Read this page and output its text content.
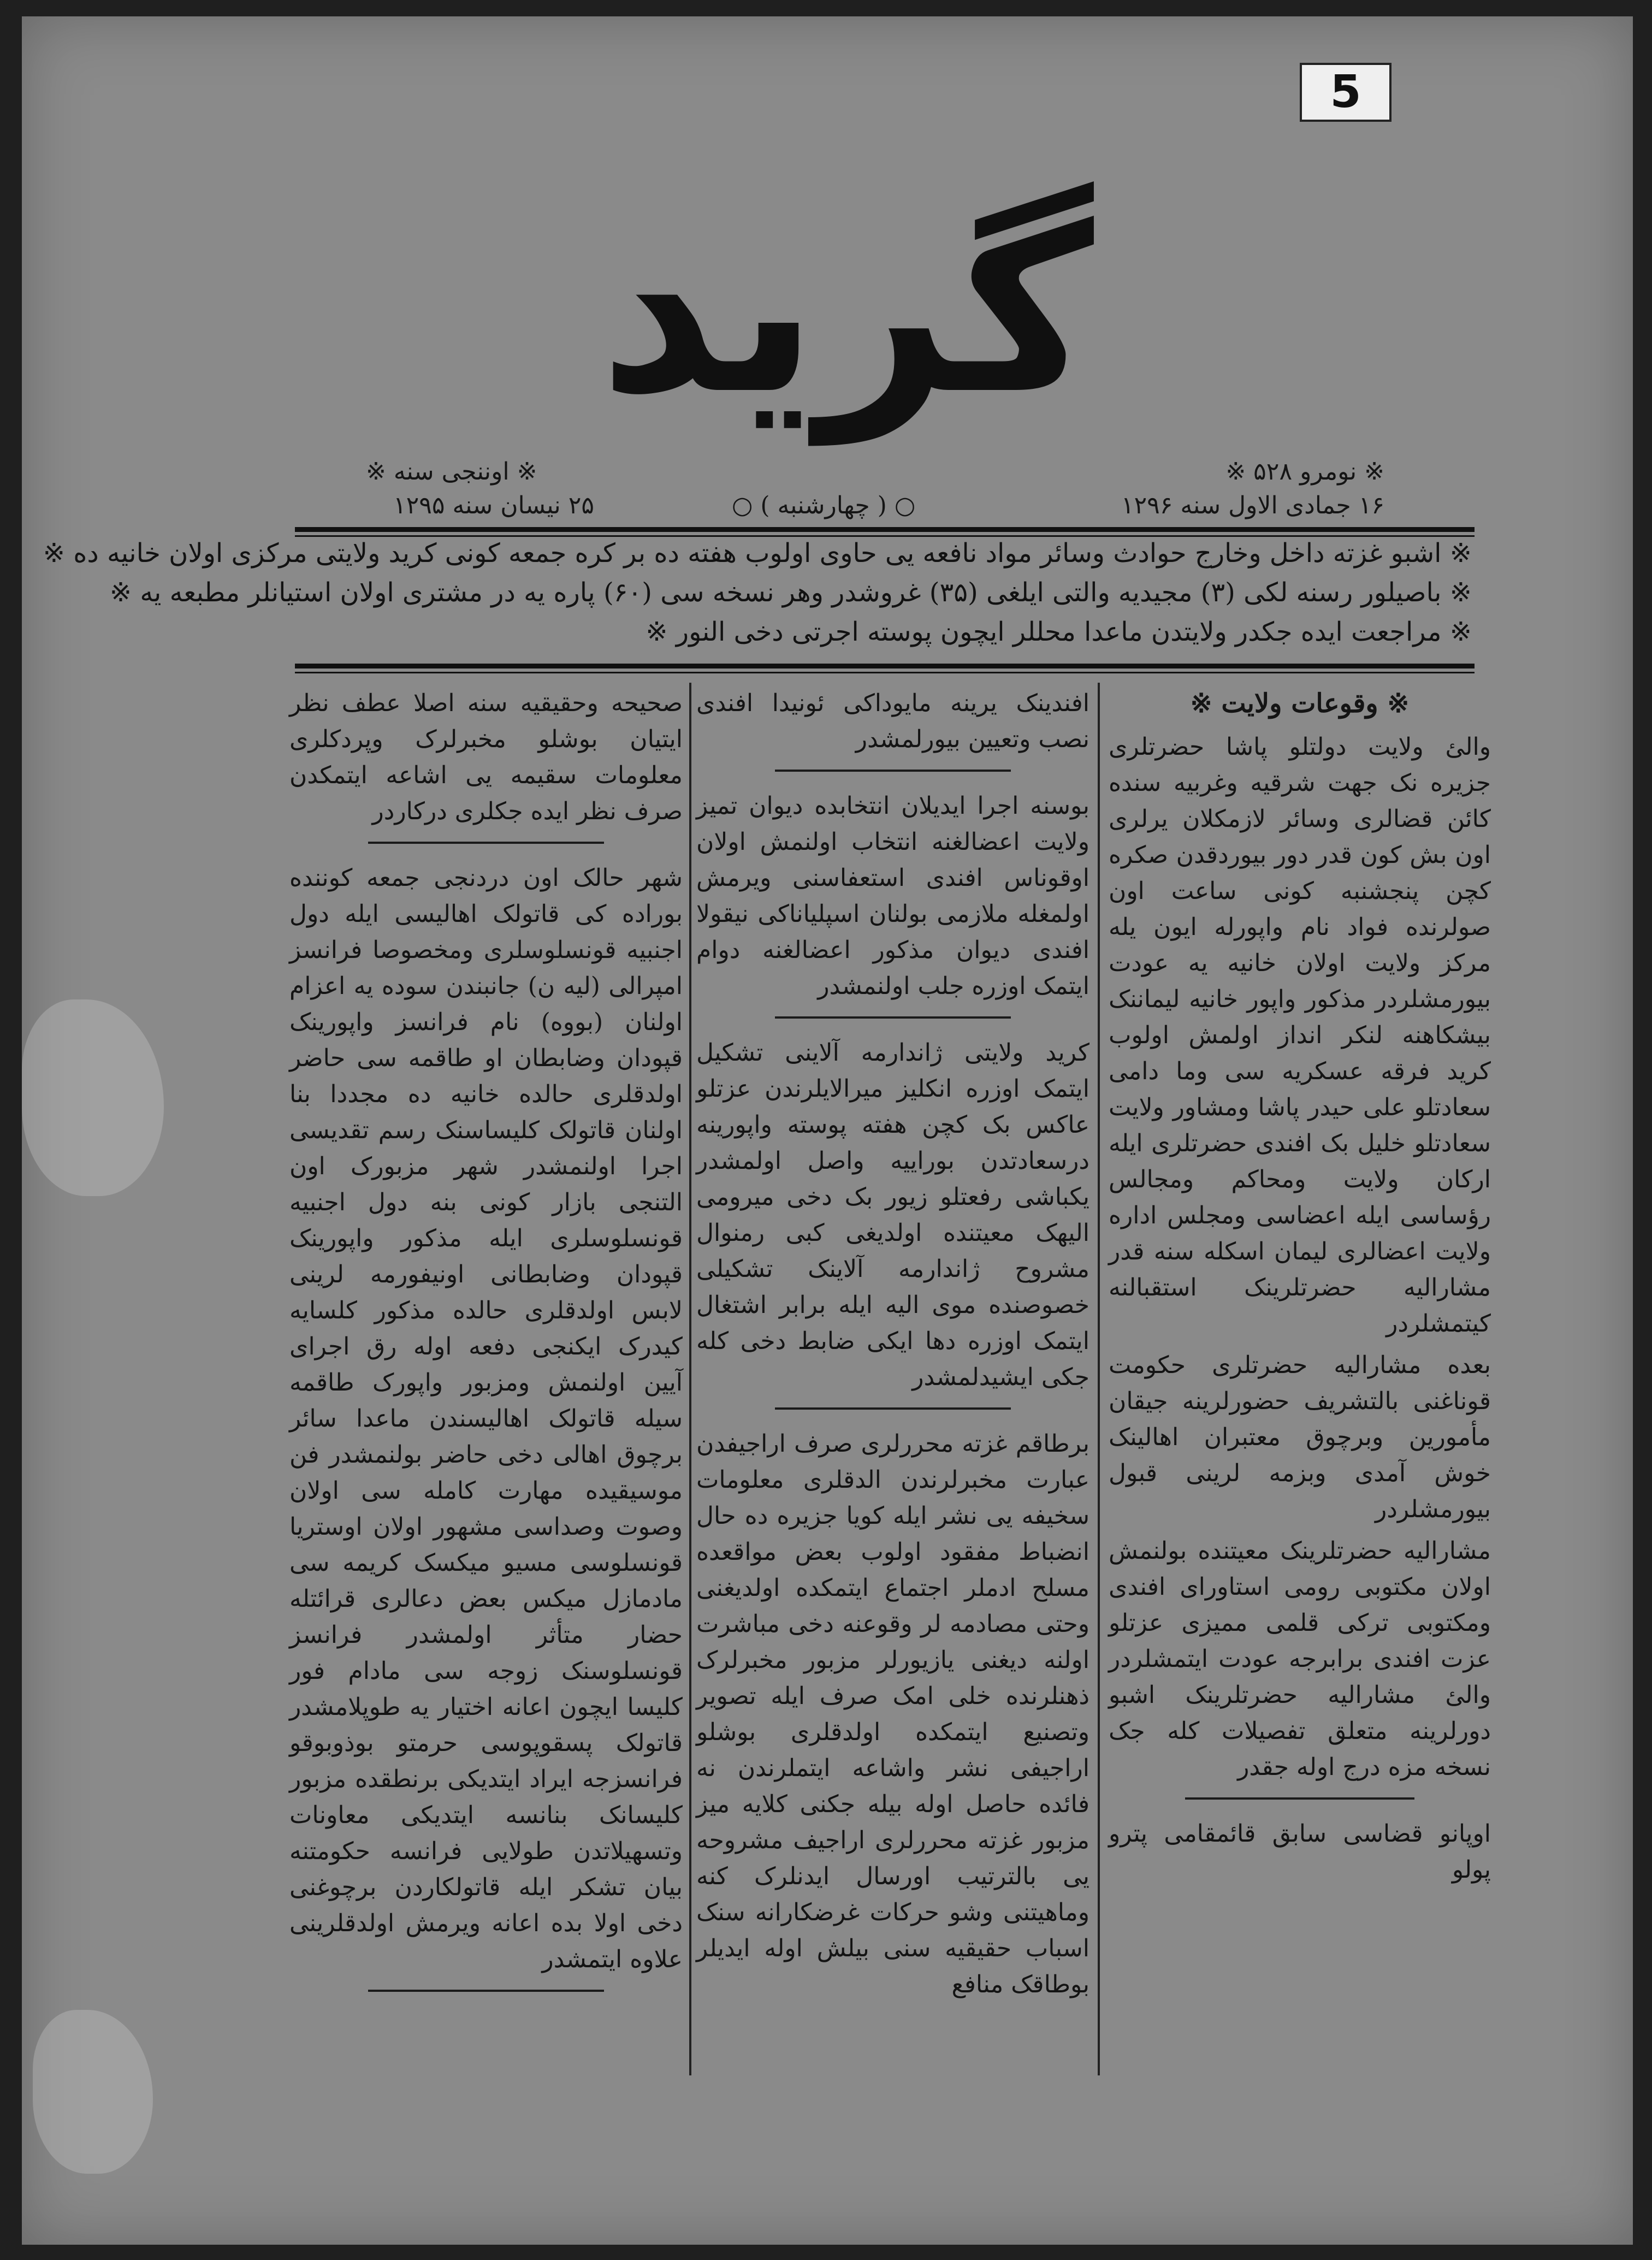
5
گريد
※ نومرو ۵۲۸ ※
※ اوننجی سنه ※
۱۶ جمادی الاول سنه ۱۲۹۶
○ ( چهارشنبه ) ○
۲۵ نیسان سنه ۱۲۹۵
※ اشبو غزته داخل وخارج حوادث وسائر مواد نافعه یی حاوی اولوب هفته ده بر کره جمعه کونی کرید ولایتی مرکزی اولان خانیه ده ※
※ باصیلور رسنه لکی (۳) مجیدیه والتی ایلغی (۳۵) غروشدر وهر نسخه سی (۶۰) پاره یه در مشتری اولان استیانلر مطبعه یه ※
※ مراجعت ایده جکدر ولایتدن ماعدا محللر ایچون پوسته اجرتی دخی النور ※
※ وقوعات ولایت ※

والئ ولایت دولتلو پاشا حضرتلری جزیره نک جهت شرقیه وغربیه سنده کائن قضالری وسائر لازمکلان یرلری اون بش کون قدر دور بیوردقدن صکره کچن پنجشنبه کونی ساعت اون صولرنده فواد نام واپورله ایون یله مرکز ولایت اولان خانیه یه عودت بیورمشلردر مذکور واپور خانیه لیماننک بیشکاهنه لنکر انداز اولمش اولوب کرید فرقه عسکریه سی وما دامی سعادتلو علی حیدر پاشا ومشاور ولایت سعادتلو خلیل بک افندی حضرتلری ایله ارکان ولایت ومحاکم ومجالس رؤساسی ایله اعضاسی ومجلس اداره ولایت اعضالری لیمان اسکله سنه قدر مشارالیه حضرتلرینک استقبالنه کیتمشلردر

بعده مشارالیه حضرتلری حکومت قوناغنی بالتشریف حضورلرینه جیقان مأمورین وبرچوق معتبران اهالینک خوش آمدی وبزمه لرینی قبول بیورمشلردر

مشارالیه حضرتلرینک معیتنده بولنمش اولان مکتوبی رومی استاورای افندی ومکتوبی ترکی قلمی ممیزی عزتلو عزت افندی برابرجه عودت ایتمشلردر والئ مشارالیه حضرتلرینک اشبو دورلرینه متعلق تفصیلات کله جک نسخه مزه درج اوله جقدر

اوپانو قضاسی سابق قائمقامی پترو پولو

افندینک یرینه مایوداکی ئونیدا افندی نصب وتعیین بیورلمشدر

بوسنه اجرا ایدیلان انتخابده دیوان تمیز ولایت اعضالغنه انتخاب اولنمش اولان اوقوناس افندی استعفاسنی ویرمش اولمغله ملازمی بولنان اسپلیاناکی نیقولا افندی دیوان مذکور اعضالغنه دوام ایتمک اوزره جلب اولنمشدر

کرید ولایتی ژاندارمه آلاینی تشکیل ایتمک اوزره انکلیز میرالایلرندن عزتلو عاکس بک کچن هفته پوسته واپورینه درسعادتدن بوراییه واصل اولمشدر یکباشی رفعتلو زیور بک دخی میرومی الیهک معیتنده اولدیغی کبی رمنوال مشروح ژاندارمه آلاینک تشکیلی خصوصنده موی الیه ایله برابر اشتغال ایتمک اوزره دها ایکی ضابط دخی کله جکی ایشیدلمشدر

برطاقم غزته محررلری صرف اراجیفدن عبارت مخبرلرندن الدقلری معلومات سخیفه یی نشر ایله کویا جزیره ده حال انضباط مفقود اولوب بعض مواقعده مسلح ادملر اجتماع ایتمکده اولدیغنی وحتی مصادمه لر وقوعنه دخی مباشرت اولنه دیغنی یازیورلر مزبور مخبرلرک ذهنلرنده خلی امک صرف ایله تصویر وتصنیع ایتمکده اولدقلری بوشلو اراجیفی نشر واشاعه ایتملرندن نه فائده حاصل اوله بیله جکنی کلایه میز مزبور غزته محررلری اراجیف مشروحه یی بالترتیب اورسال ایدنلرک کنه وماهیتنی وشو حرکات غرضکارانه سنک اسباب حقیقیه سنی بیلش اوله ایدیلر بوطاقک منافع

صحیحه وحقیقیه سنه اصلا عطف نظر ایتیان بوشلو مخبرلرک وپردکلری معلومات سقیمه یی اشاعه ایتمکدن صرف نظر ایده جکلری درکاردر

شهر حالک اون دردنجی جمعه کوننده بوراده کی قاتولک اهالیسی ایله دول اجنبیه قونسلوسلری ومخصوصا فرانسز امپرالی (لیه ن) جانبندن سوده یه اعزام اولنان (بووه) نام فرانسز واپورینک قپودان وضابطان او طاقمه سی حاضر اولدقلری حالده خانیه ده مجددا بنا اولنان قاتولک کلیساسنک رسم تقدیسی اجرا اولنمشدر شهر مزبورک اون التنجی بازار کونی بنه دول اجنبیه قونسلوسلری ایله مذکور واپورینک قپودان وضابطانی اونیفورمه لرینی لابس اولدقلری حالده مذکور کلسایه کیدرک ایکنجی دفعه اوله رق اجرای آیین اولنمش ومزبور واپورک طاقمه سیله قاتولک اهالیسندن ماعدا سائر برچوق اهالی دخی حاضر بولنمشدر فن موسیقیده مهارت کامله سی اولان وصوت وصداسی مشهور اولان اوستریا قونسلوسی مسیو میکسک کریمه سی مادمازل میکس بعض دعالری قرائتله حضار متأثر اولمشدر فرانسز قونسلوسنک زوجه سی مادام فور کلیسا ایچون اعانه اختیار یه طوپلامشدر قاتولک پسقوپوسی حرمتو بوذوبوقو فرانسزجه ایراد ایتدیکی برنطقده مزبور کلیسانک بنانسه ایتدیکی معاونات وتسهیلاتدن طولایی فرانسه حکومتنه بیان تشکر ایله قاتولکاردن برچوغنی دخی اولا بده اعانه ویرمش اولدقلرینی علاوه ایتمشدر
